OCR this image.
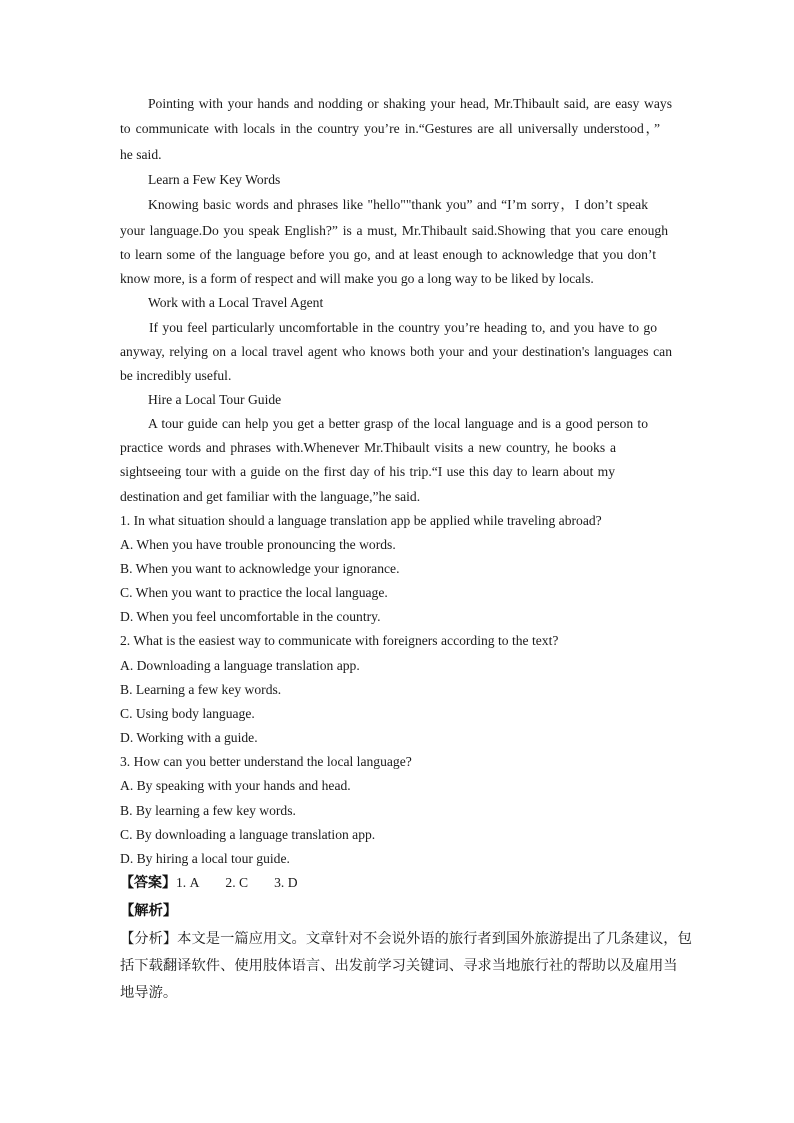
Pointing with your hands and nodding or shaking your head, Mr.Thibault said, are easy ways
to communicate with locals in the country you’re in.“Gestures are all universally understood，”
he said.
Learn a Few Key Words
Knowing basic words and phrases like "hello""thank you” and “I’m sorry，I don’t speak
your language.Do you speak English?” is a must, Mr.Thibault said.Showing that you care enough
to learn some of the language before you go, and at least enough to acknowledge that you don’t
know more, is a form of respect and will make you go a long way to be liked by locals.
Work with a Local Travel Agent
If you feel particularly uncomfortable in the country you’re heading to, and you have to go
anyway, relying on a local travel agent who knows both your and your destination's languages can
be incredibly useful.
Hire a Local Tour Guide
A tour guide can help you get a better grasp of the local language and is a good person to
practice words and phrases with.Whenever Mr.Thibault visits a new country, he books a
sightseeing tour with a guide on the first day of his trip.“I use this day to learn about my
destination and get familiar with the language,”he said.
1. In what situation should a language translation app be applied while traveling abroad?
A. When you have trouble pronouncing the words.
B. When you want to acknowledge your ignorance.
C. When you want to practice the local language.
D. When you feel uncomfortable in the country.
2. What is the easiest way to communicate with foreigners according to the text?
A. Downloading a language translation app.
B. Learning a few key words.
C. Using body language.
D. Working with a guide.
3. How can you better understand the local language?
A. By speaking with your hands and head.
B. By learning a few key words.
C. By downloading a language translation app.
D. By hiring a local tour guide.
【答案】1. A 2. C 3. D
【解析】
【分析】本文是一篇应用文。文章针对不会说外语的旅行者到国外旅游提出了几条建议，包
括下载翻译软件、使用肢体语言、出发前学习关键词、寻求当地旅行社的帮助以及雇用当
地导游。
